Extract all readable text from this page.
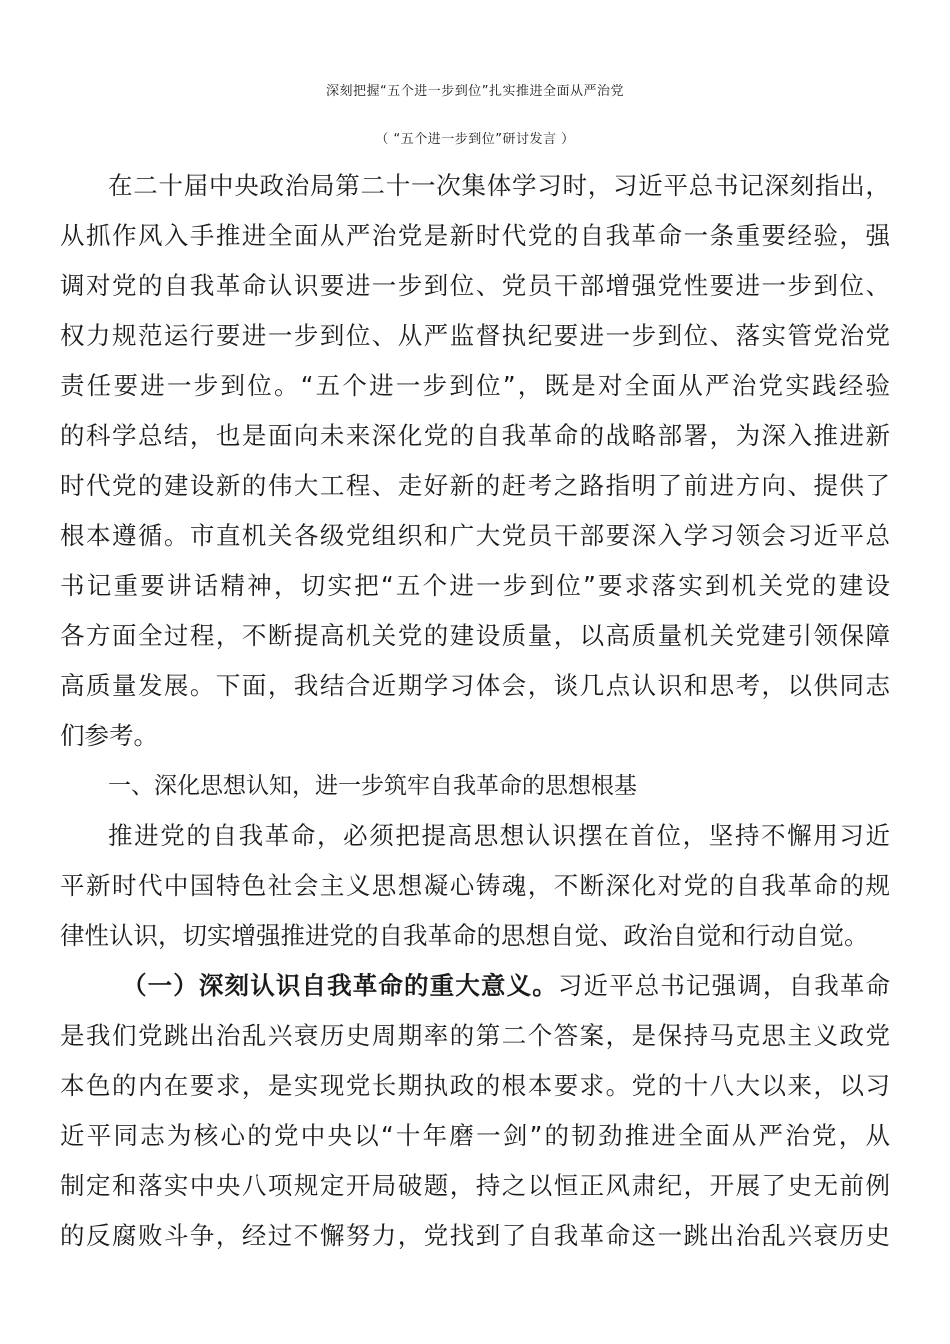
深刻把握“五个进一步到位”扎实推进全面从严治党
（ “五个进一步到位”研讨发言 ）
在二十届中央政治局第二十一次集体学习时，习近平总书记深刻指出，
从抓作风入手推进全面从严治党是新时代党的自我革命一条重要经验，强
调对党的自我革命认识要进一步到位、党员干部增强党性要进一步到位、
权力规范运行要进一步到位、从严监督执纪要进一步到位、落实管党治党
责任要进一步到位。“五个进一步到位”，既是对全面从严治党实践经验
的科学总结，也是面向未来深化党的自我革命的战略部署，为深入推进新
时代党的建设新的伟大工程、走好新的赶考之路指明了前进方向、提供了
根本遵循。市直机关各级党组织和广大党员干部要深入学习领会习近平总
书记重要讲话精神，切实把“五个进一步到位”要求落实到机关党的建设
各方面全过程，不断提高机关党的建设质量，以高质量机关党建引领保障
高质量发展。下面，我结合近期学习体会，谈几点认识和思考，以供同志
们参考。
一、深化思想认知，进一步筑牢自我革命的思想根基
推进党的自我革命，必须把提高思想认识摆在首位，坚持不懈用习近
平新时代中国特色社会主义思想凝心铸魂，不断深化对党的自我革命的规
律性认识，切实增强推进党的自我革命的思想自觉、政治自觉和行动自觉。
（一）深刻认识自我革命的重大意义。习近平总书记强调，自我革命
是我们党跳出治乱兴衰历史周期率的第二个答案，是保持马克思主义政党
本色的内在要求，是实现党长期执政的根本要求。党的十八大以来，以习
近平同志为核心的党中央以“十年磨一剑”的韧劲推进全面从严治党，从
制定和落实中央八项规定开局破题，持之以恒正风肃纪，开展了史无前例
的反腐败斗争，经过不懈努力，党找到了自我革命这一跳出治乱兴衰历史
